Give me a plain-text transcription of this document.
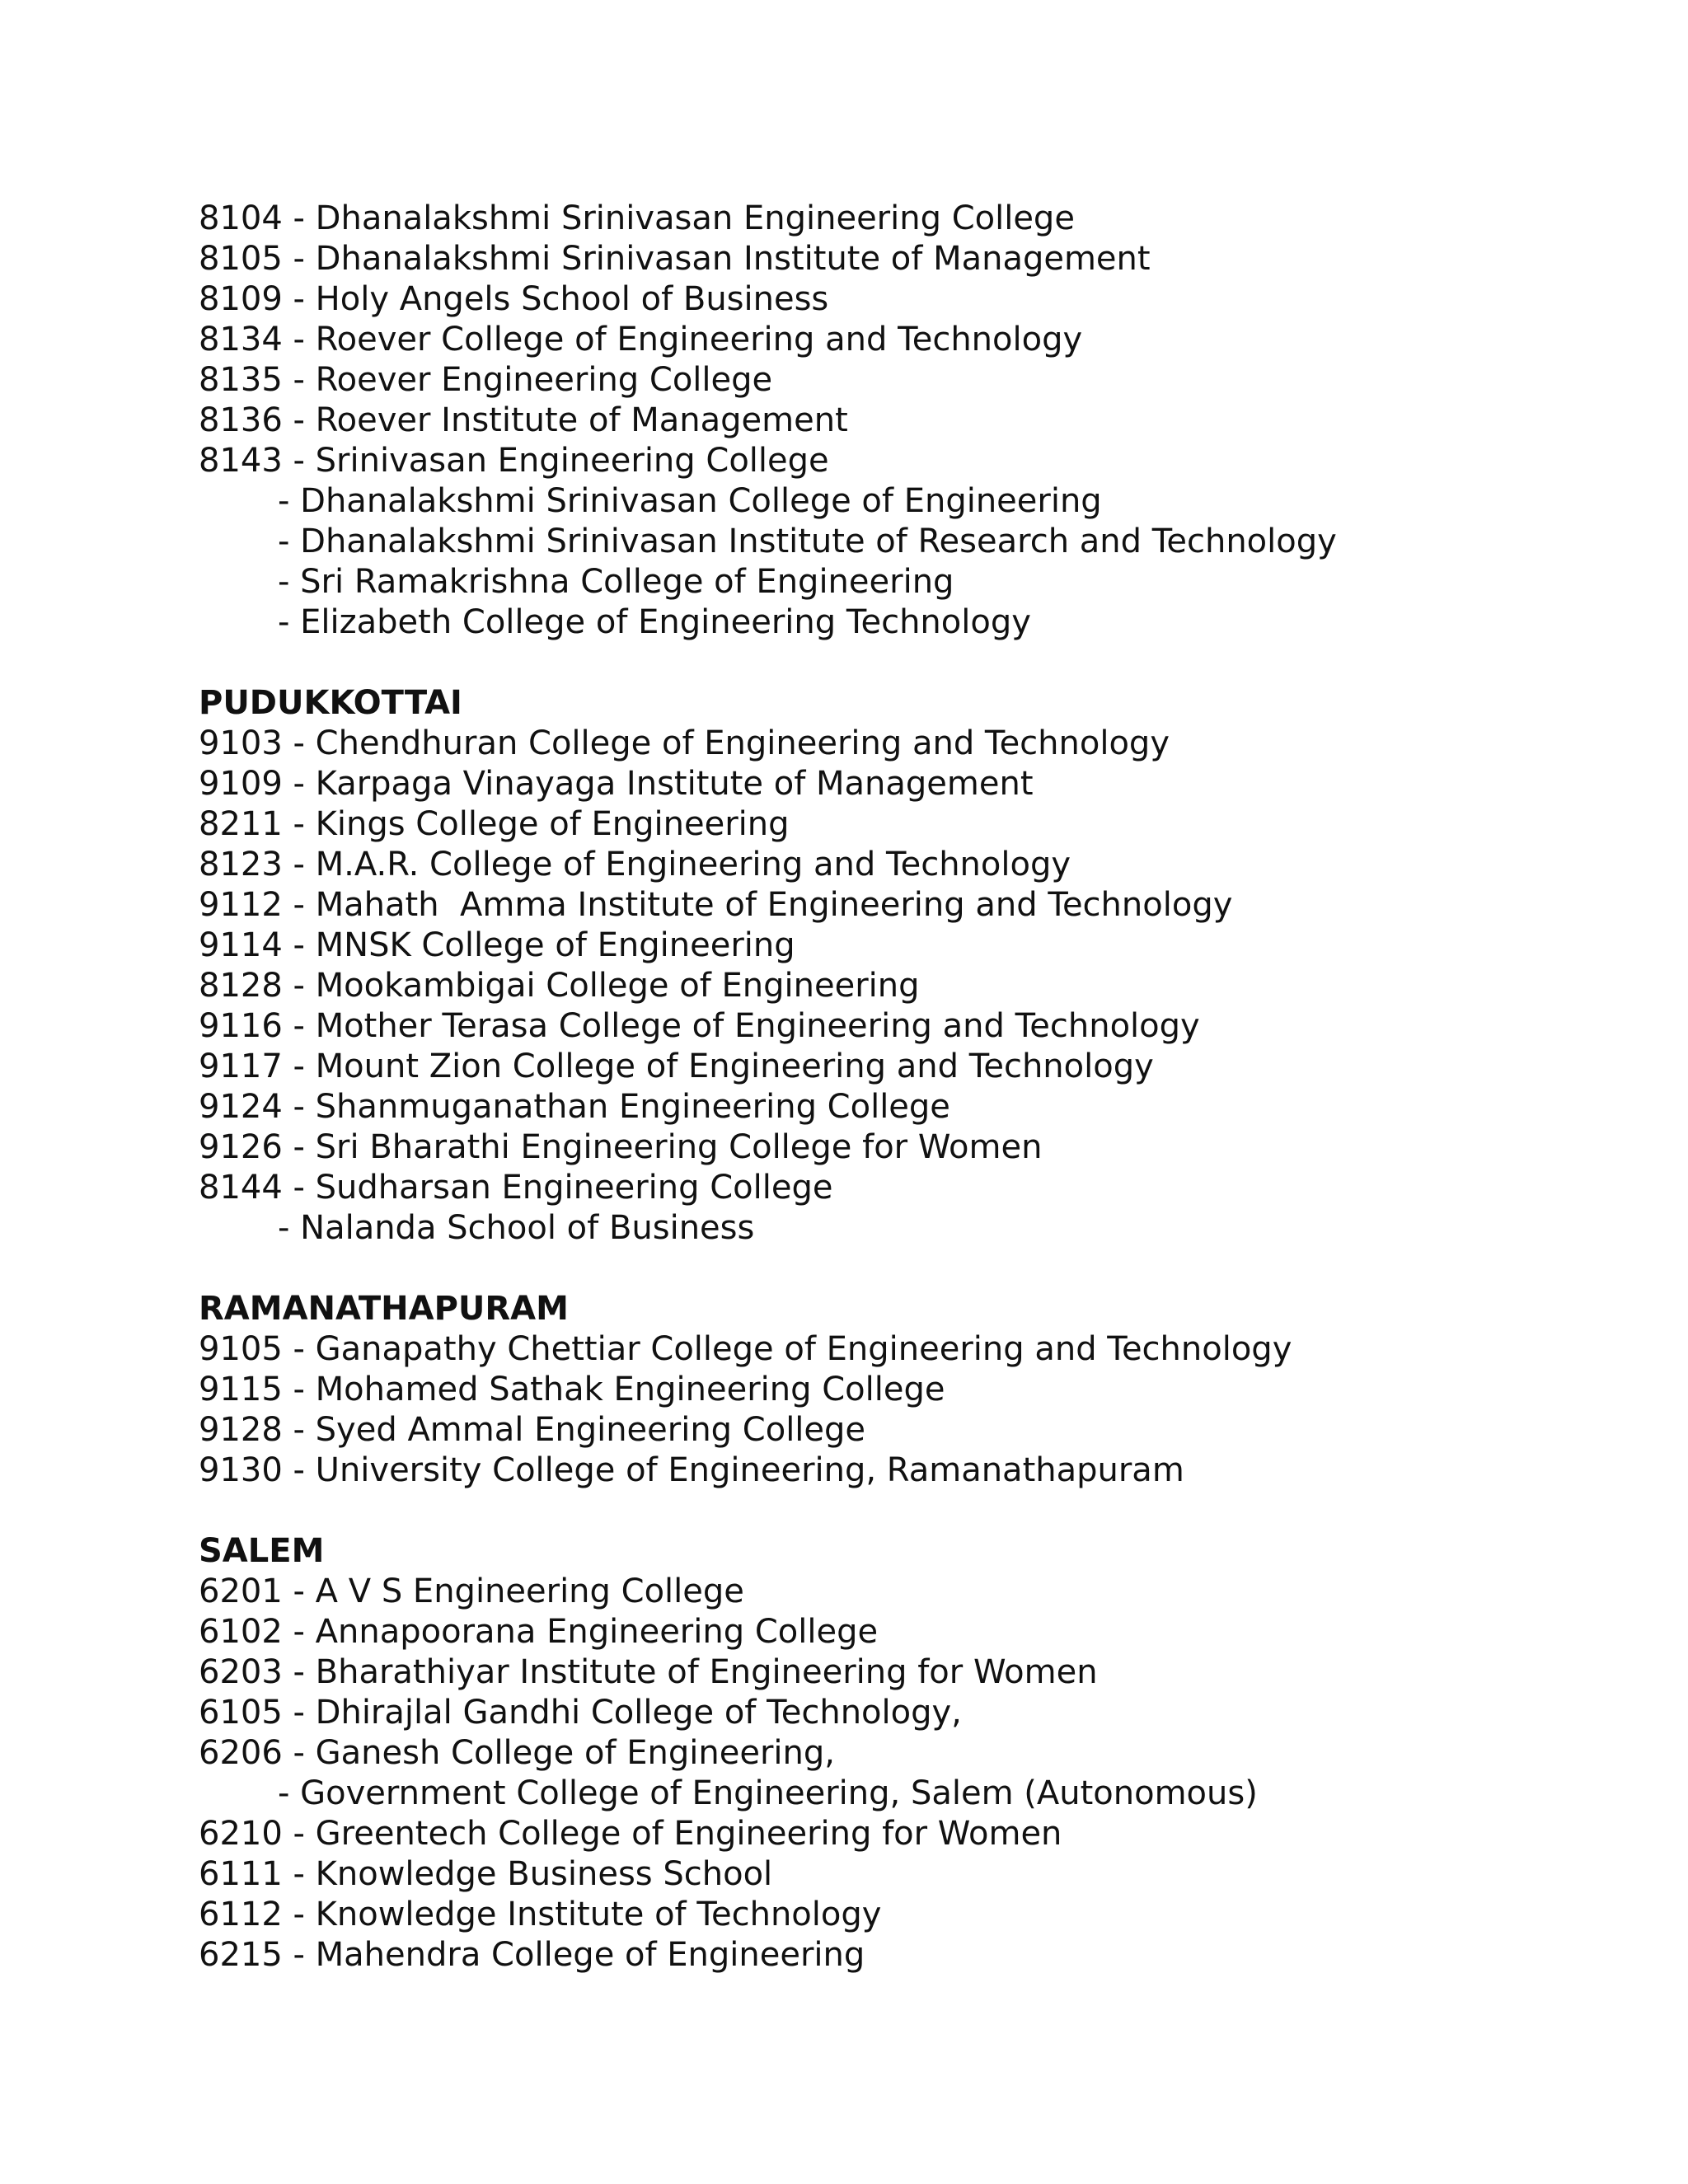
8104 - Dhanalakshmi Srinivasan Engineering College
8105 - Dhanalakshmi Srinivasan Institute of Management
8109 - Holy Angels School of Business
8134 - Roever College of Engineering and Technology
8135 - Roever Engineering College
8136 - Roever Institute of Management
8143 - Srinivasan Engineering College
- Dhanalakshmi Srinivasan College of Engineering
- Dhanalakshmi Srinivasan Institute of Research and Technology
- Sri Ramakrishna College of Engineering
- Elizabeth College of Engineering Technology
PUDUKKOTTAI
9103 - Chendhuran College of Engineering and Technology
9109 - Karpaga Vinayaga Institute of Management
8211 - Kings College of Engineering
8123 - M.A.R. College of Engineering and Technology
9112 - Mahath  Amma Institute of Engineering and Technology
9114 - MNSK College of Engineering
8128 - Mookambigai College of Engineering
9116 - Mother Terasa College of Engineering and Technology
9117 - Mount Zion College of Engineering and Technology
9124 - Shanmuganathan Engineering College
9126 - Sri Bharathi Engineering College for Women
8144 - Sudharsan Engineering College
- Nalanda School of Business
RAMANATHAPURAM
9105 - Ganapathy Chettiar College of Engineering and Technology
9115 - Mohamed Sathak Engineering College
9128 - Syed Ammal Engineering College
9130 - University College of Engineering, Ramanathapuram
SALEM
6201 - A V S Engineering College
6102 - Annapoorana Engineering College
6203 - Bharathiyar Institute of Engineering for Women
6105 - Dhirajlal Gandhi College of Technology,
6206 - Ganesh College of Engineering,
- Government College of Engineering, Salem (Autonomous)
6210 - Greentech College of Engineering for Women
6111 - Knowledge Business School
6112 - Knowledge Institute of Technology
6215 - Mahendra College of Engineering
